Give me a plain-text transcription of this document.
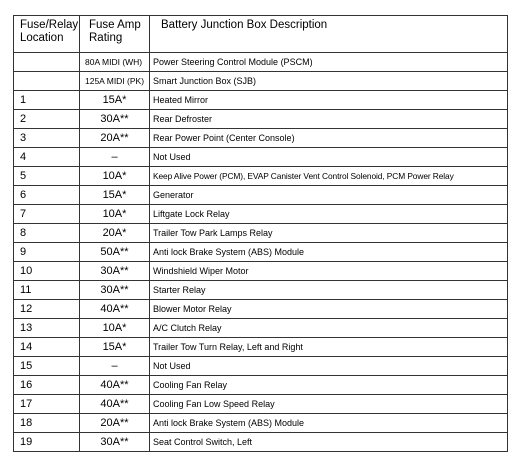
Fuse/Relay Location	Fuse Amp Rating	Battery Junction Box Description
	80A MIDI (WH)	Power Steering Control Module (PSCM)
	125A MIDI (PK)	Smart Junction Box (SJB)
1	15A*	Heated Mirror
2	30A**	Rear Defroster
3	20A**	Rear Power Point (Center Console)
4	–	Not Used
5	10A*	Keep Alive Power (PCM), EVAP Canister Vent Control Solenoid, PCM Power Relay
6	15A*	Generator
7	10A*	Liftgate Lock Relay
8	20A*	Trailer Tow Park Lamps Relay
9	50A**	Anti lock Brake System (ABS) Module
10	30A**	Windshield Wiper Motor
11	30A**	Starter Relay
12	40A**	Blower Motor Relay
13	10A*	A/C Clutch Relay
14	15A*	Trailer Tow Turn Relay, Left and Right
15	–	Not Used
16	40A**	Cooling Fan Relay
17	40A**	Cooling Fan Low Speed Relay
18	20A**	Anti lock Brake System (ABS) Module
19	30A**	Seat Control Switch, Left
